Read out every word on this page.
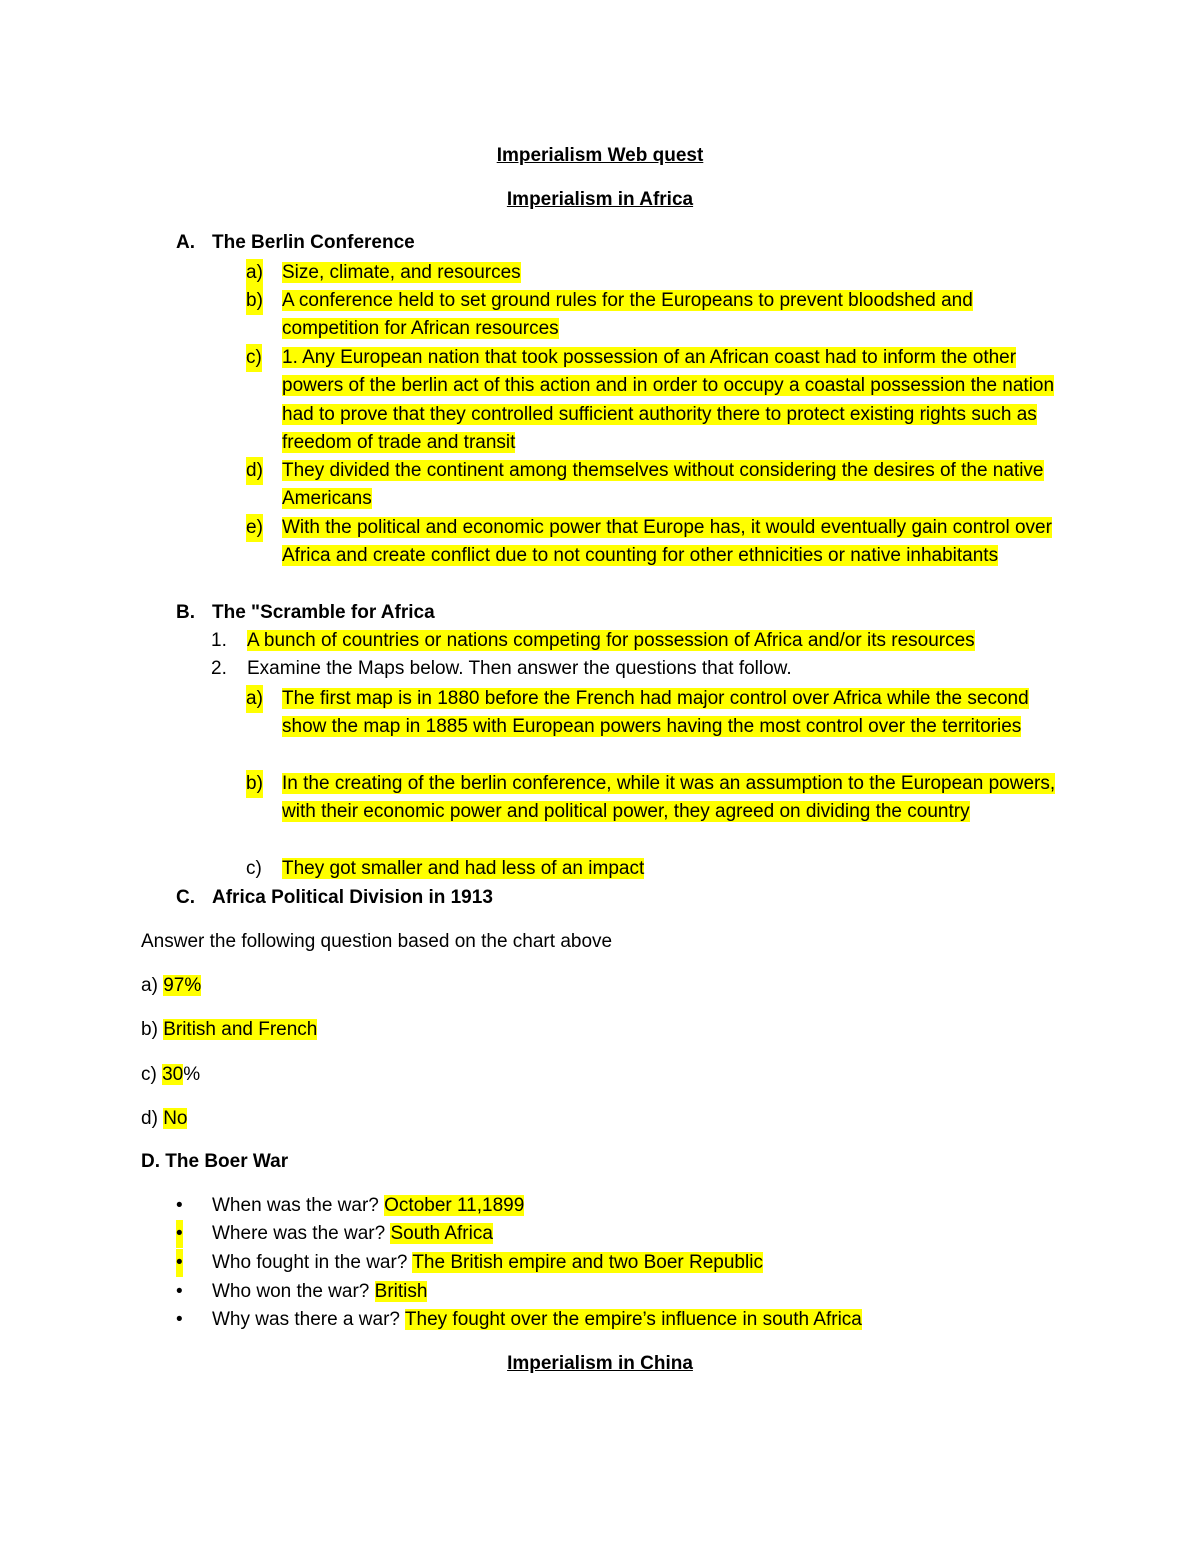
Imperialism Web quest
Imperialism in Africa
A. The Berlin Conference
a) Size, climate, and resources
b) A conference held to set ground rules for the Europeans to prevent bloodshed and competition for African resources
c) 1. Any European nation that took possession of an African coast had to inform the other powers of the berlin act of this action and in order to occupy a coastal possession the nation had to prove that they controlled sufficient authority there to protect existing rights such as freedom of trade and transit
d) They divided the continent among themselves without considering the desires of the native Americans
e) With the political and economic power that Europe has, it would eventually gain control over Africa and create conflict due to not counting for other ethnicities or native inhabitants
B. The "Scramble for Africa
1. A bunch of countries or nations competing for possession of Africa and/or its resources
2. Examine the Maps below. Then answer the questions that follow.
a) The first map is in 1880 before the French had major control over Africa while the second show the map in 1885 with European powers having the most control over the territories
b) In the creating of the berlin conference, while it was an assumption to the European powers, with their economic power and political power, they agreed on dividing the country
c) They got smaller and had less of an impact
C. Africa Political Division in 1913
Answer the following question based on the chart above
a) 97%
b) British and French
c) 30%
d) No
D. The Boer War
• When was the war? October 11,1899
• Where was the war? South Africa
• Who fought in the war? The British empire and two Boer Republic
• Who won the war? British
• Why was there a war? They fought over the empire’s influence in south Africa
Imperialism in China
